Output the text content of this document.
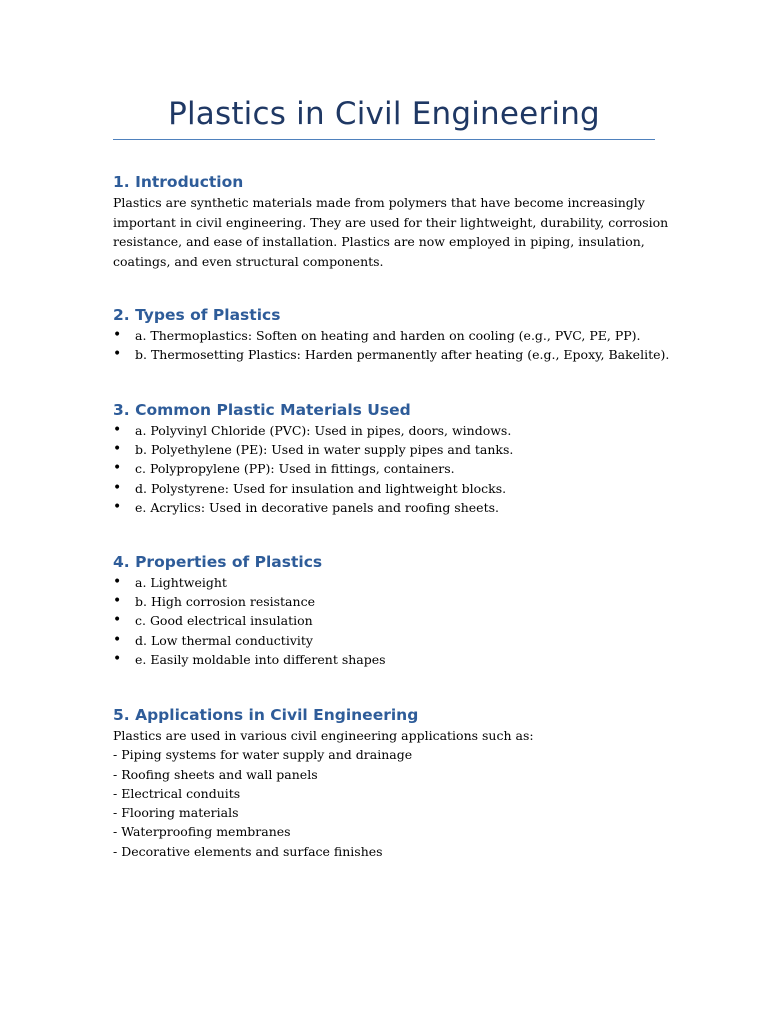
Plastics in Civil Engineering
1. Introduction

Plastics are synthetic materials made from polymers that have become increasingly
important in civil engineering. They are used for their lightweight, durability, corrosion
resistance, and ease of installation. Plastics are now employed in piping, insulation,
coatings, and even structural components.

2. Types of Plastics
• a. Thermoplastics: Soften on heating and harden on cooling (e.g., PVC, PE, PP).
• b. Thermosetting Plastics: Harden permanently after heating (e.g., Epoxy, Bakelite).
3. Common Plastic Materials Used
• a. Polyvinyl Chloride (PVC): Used in pipes, doors, windows.
• b. Polyethylene (PE): Used in water supply pipes and tanks.
• c. Polypropylene (PP): Used in fittings, containers.
• d. Polystyrene: Used for insulation and lightweight blocks.
• e. Acrylics: Used in decorative panels and roofing sheets.
4. Properties of Plastics
• a. Lightweight
• b. High corrosion resistance
• c. Good electrical insulation
• d. Low thermal conductivity
• e. Easily moldable into different shapes
5. Applications in Civil Engineering
Plastics are used in various civil engineering applications such as:
- Piping systems for water supply and drainage
- Roofing sheets and wall panels
- Electrical conduits
- Flooring materials
- Waterproofing membranes
- Decorative elements and surface finishes
